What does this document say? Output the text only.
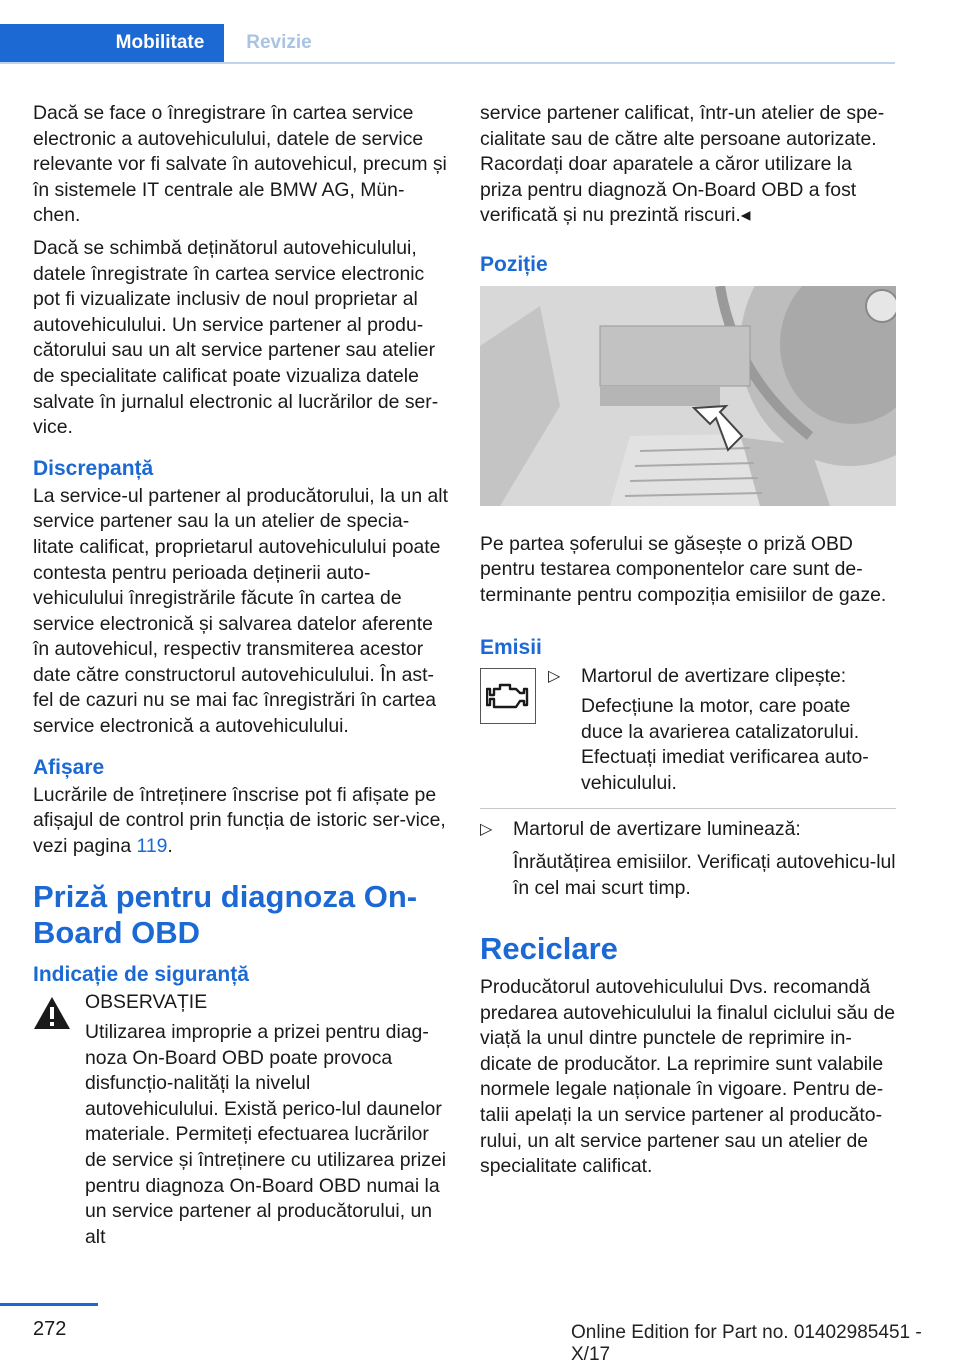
Mobilitate	Revizie

Dacă se face o înregistrare în cartea service electronic a autovehiculului, datele de service relevante vor fi salvate în autovehicul, precum și în sistemele IT centrale ale BMW AG, Mün‐chen.

Dacă se schimbă deținătorul autovehiculului, datele înregistrate în cartea service electronic pot fi vizualizate inclusiv de noul proprietar al autovehiculului. Un service partener al produ‐cătorului sau un alt service partener sau atelier de specialitate calificat poate vizualiza datele salvate în jurnalul electronic al lucrărilor de ser‐vice.

Discrepanță

La service-ul partener al producătorului, la un alt service partener sau la un atelier de specia‐litate calificat, proprietarul autovehiculului poate contesta pentru perioada deținerii auto‐vehiculului înregistrările făcute în cartea de service electronică și salvarea datelor aferente în autovehicul, respectiv transmiterea acestor date către constructorul autovehiculului. În ast‐fel de cazuri nu se mai fac înregistrări în cartea service electronică a autovehiculului.

Afișare

Lucrările de întreținere înscrise pot fi afișate pe afișajul de control prin funcția de istoric ser‐vice, vezi pagina 119.

Priză pentru diagnoza On-Board OBD
Indicație de siguranță

OBSERVAȚIE

Utilizarea improprie a prizei pentru diag‐noza On-Board OBD poate provoca disfuncțio‐nalități la nivelul autovehiculului. Există perico‐lul daunelor materiale. Permiteți efectuarea lucrărilor de service și întreținere cu utilizarea prizei pentru diagnoza On-Board OBD numai la un service partener al producătorului, un alt

service partener calificat, într-un atelier de spe‐cialitate sau de către alte persoane autorizate. Racordați doar aparatele a căror utilizare la priza pentru diagnoză On-Board OBD a fost verificată și nu prezintă riscuri.◂

Poziție

Pe partea șoferului se găsește o priză OBD pentru testarea componentelor care sunt de‐terminante pentru compoziția emisiilor de gaze.

Emisii
▷ Martorul de avertizare clipește:

Defecțiune la motor, care poate duce la avarierea catalizatorului. Efectuați imediat verificarea auto‐vehiculului.

▷ Martorul de avertizare luminează:

Înrăutățirea emisiilor. Verificați autovehicu‐lul în cel mai scurt timp.

Reciclare

Producătorul autovehiculului Dvs. recomandă predarea autovehiculului la finalul ciclului său de viață la unul dintre punctele de reprimire in‐dicate de producător. La reprimire sunt valabile normele legale naționale în vigoare. Pentru de‐talii apelați la un service partener al producăto‐rului, un alt service partener sau un atelier de specialitate calificat.

272	Online Edition for Part no. 01402985451 - X/17
